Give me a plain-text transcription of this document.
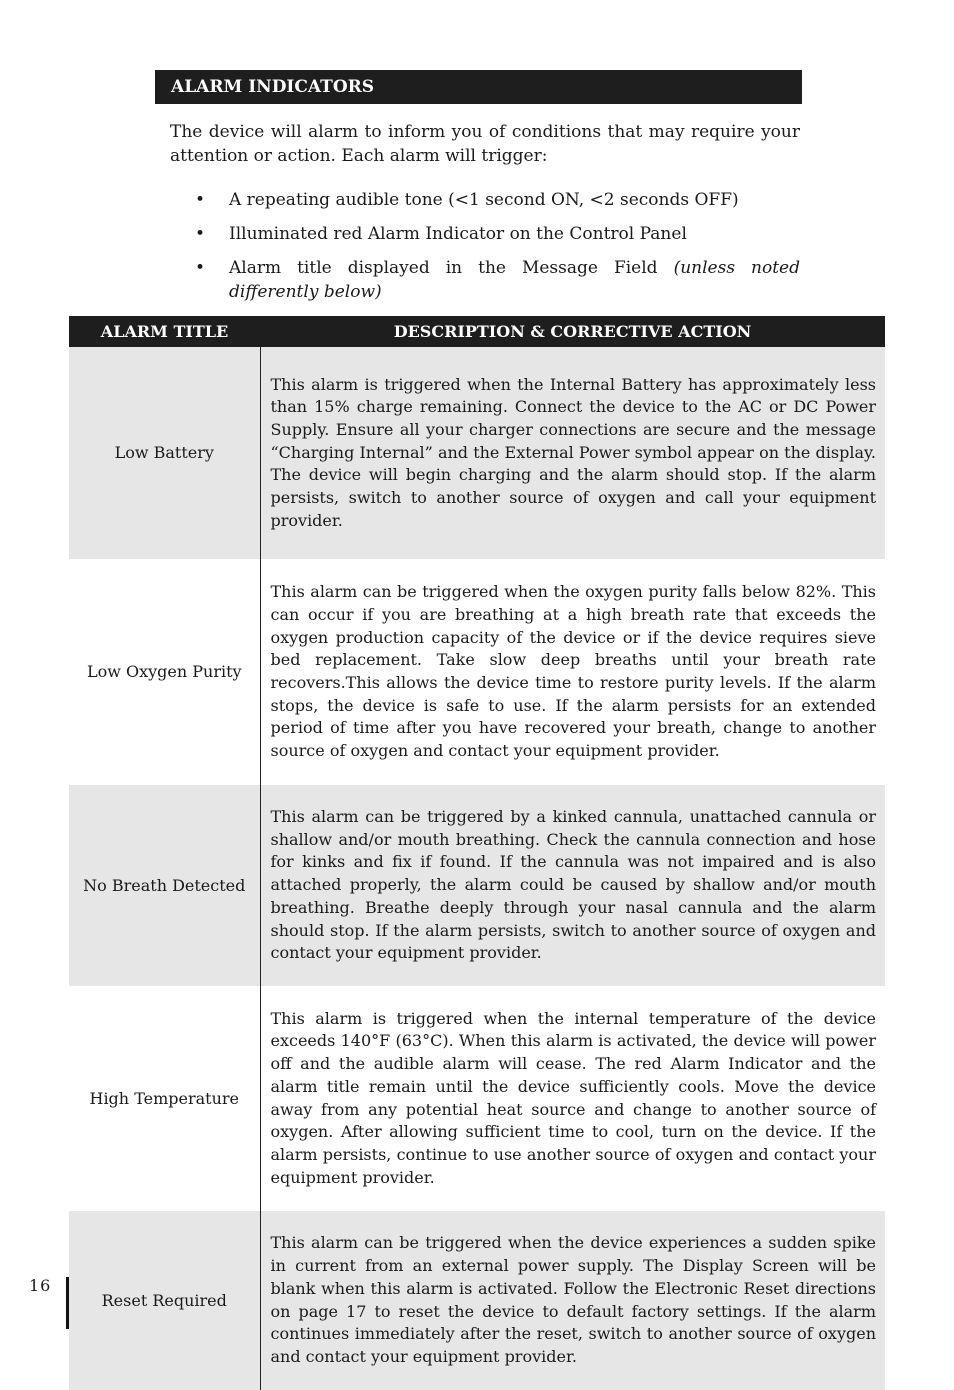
ALARM INDICATORS

The device will alarm to inform you of conditions that may require your attention or action. Each alarm will trigger:

• A repeating audible tone (<1 second ON, <2 seconds OFF)
• Illuminated red Alarm Indicator on the Control Panel
• Alarm title displayed in the Message Field (unless noted differently below)
ALARM TITLE	DESCRIPTION & CORRECTIVE ACTION
Low Battery	This alarm is triggered when the Internal Battery has approximately less than 15% charge remaining. Connect the device to the AC or DC Power Supply. Ensure all your charger connections are secure and the message “Charging Internal” and the External Power symbol appear on the display. The device will begin charging and the alarm should stop. If the alarm persists, switch to another source of oxygen and call your equipment provider.
Low Oxygen Purity	This alarm can be triggered when the oxygen purity falls below 82%. This can occur if you are breathing at a high breath rate that exceeds the oxygen production capacity of the device or if the device requires sieve bed replacement. Take slow deep breaths until your breath rate recovers.This allows the device time to restore purity levels. If the alarm stops, the device is safe to use. If the alarm persists for an extended period of time after you have recovered your breath, change to another source of oxygen and contact your equipment provider.
No Breath Detected	This alarm can be triggered by a kinked cannula, unattached cannula or shallow and/or mouth breathing. Check the cannula connection and hose for kinks and fix if found. If the cannula was not impaired and is also attached properly, the alarm could be caused by shallow and/or mouth breathing. Breathe deeply through your nasal cannula and the alarm should stop. If the alarm persists, switch to another source of oxygen and contact your equipment provider.
High Temperature	This alarm is triggered when the internal temperature of the device exceeds 140°F (63°C). When this alarm is activated, the device will power off and the audible alarm will cease. The red Alarm Indicator and the alarm title remain until the device sufficiently cools. Move the device away from any potential heat source and change to another source of oxygen. After allowing sufficient time to cool, turn on the device. If the alarm persists, continue to use another source of oxygen and contact your equipment provider.
Reset Required	This alarm can be triggered when the device experiences a sudden spike in current from an external power supply. The Display Screen will be blank when this alarm is activated. Follow the Electronic Reset directions on page 17 to reset the device to default factory settings. If the alarm continues immediately after the reset, switch to another source of oxygen and contact your equipment provider.
16
